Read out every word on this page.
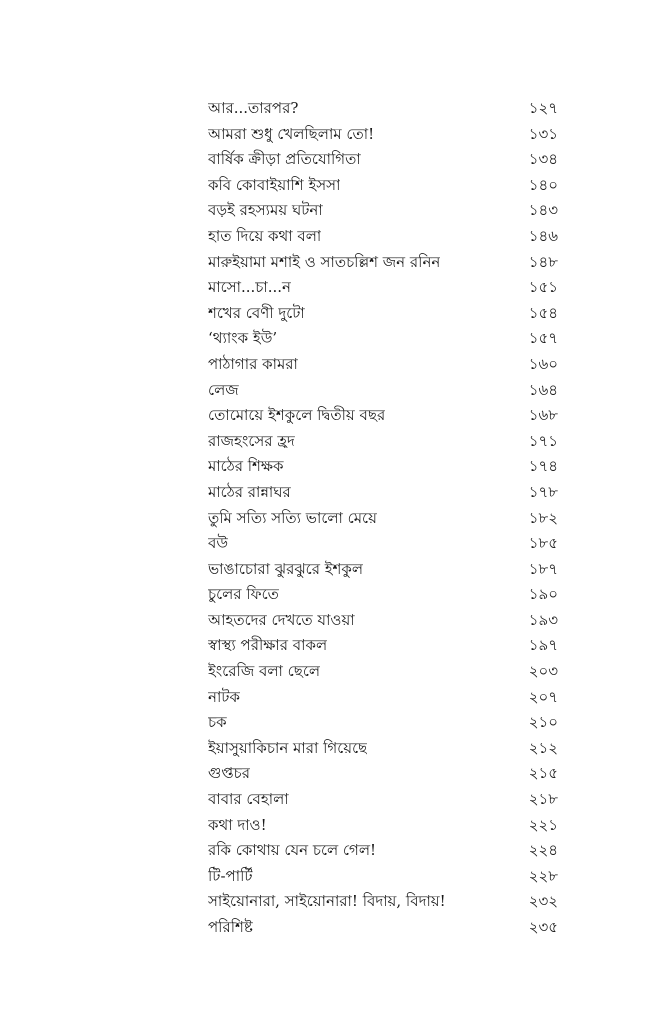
আর...তারপর?	১২৭
আমরা শুধু খেলছিলাম তো!	১৩১
বার্ষিক ক্রীড়া প্রতিযোগিতা	১৩৪
কবি কোবাইয়াশি ইসসা	১৪০
বড়ই রহস্যময় ঘটনা	১৪৩
হাত দিয়ে কথা বলা	১৪৬
মারুইয়ামা মশাই ও সাতচল্লিশ জন রনিন	১৪৮
মাসো...চা...ন	১৫১
শখের বেণী দুটো	১৫৪
‘থ্যাংক ইউ’	১৫৭
পাঠাগার কামরা	১৬০
লেজ	১৬৪
তোমোয়ে ইশকুলে দ্বিতীয় বছর	১৬৮
রাজহংসের হ্রদ	১৭১
মাঠের শিক্ষক	১৭৪
মাঠের রান্নাঘর	১৭৮
তুমি সত্যি সত্যি ভালো মেয়ে	১৮২
বউ	১৮৫
ভাঙাচোরা ঝুরঝুরে ইশকুল	১৮৭
চুলের ফিতে	১৯০
আহতদের দেখতে যাওয়া	১৯৩
স্বাস্থ্য পরীক্ষার বাকল	১৯৭
ইংরেজি বলা ছেলে	২০৩
নাটক	২০৭
চক	২১০
ইয়াসুয়াকিচান মারা গিয়েছে	২১২
গুপ্তচর	২১৫
বাবার বেহালা	২১৮
কথা দাও!	২২১
রকি কোথায় যেন চলে গেল!	২২৪
টি-পার্টি	২২৮
সাইয়োনারা, সাইয়োনারা! বিদায়, বিদায়!	২৩২
পরিশিষ্ট	২৩৫
